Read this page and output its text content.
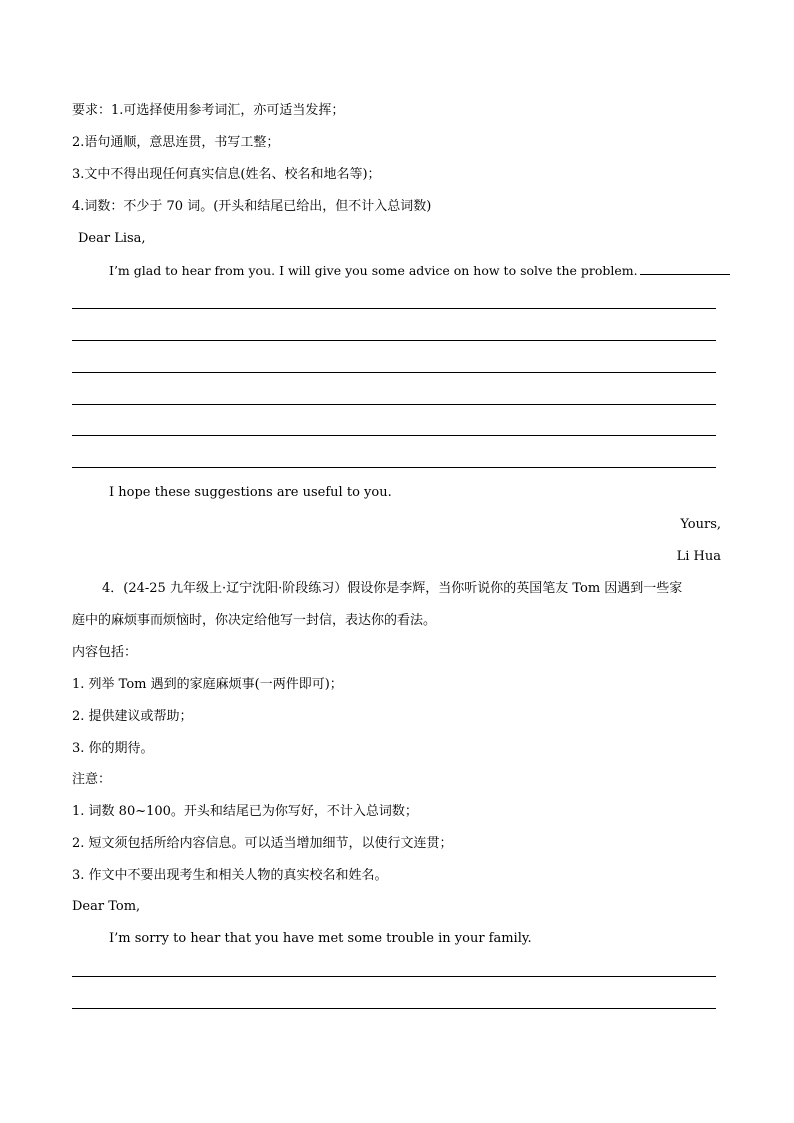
要求：1.可选择使用参考词汇，亦可适当发挥；
2.语句通顺，意思连贯，书写工整；
3.文中不得出现任何真实信息(姓名、校名和地名等)；
4.词数：不少于 70 词。(开头和结尾已给出，但不计入总词数)
Dear Lisa,
I’m glad to hear from you. I will give you some advice on how to solve the problem.
I hope these suggestions are useful to you.
Yours,
Li Hua
4．(24-25 九年级上·辽宁沈阳·阶段练习）假设你是李辉，当你听说你的英国笔友 Tom 因遇到一些家
庭中的麻烦事而烦恼时，你决定给他写一封信，表达你的看法。
内容包括：
1. 列举 Tom 遇到的家庭麻烦事(一两件即可)；
2. 提供建议或帮助；
3. 你的期待。
注意：
1. 词数 80~100。开头和结尾已为你写好，不计入总词数；
2. 短文须包括所给内容信息。可以适当增加细节，以使行文连贯；
3. 作文中不要出现考生和相关人物的真实校名和姓名。
Dear Tom,
I’m sorry to hear that you have met some trouble in your family.
